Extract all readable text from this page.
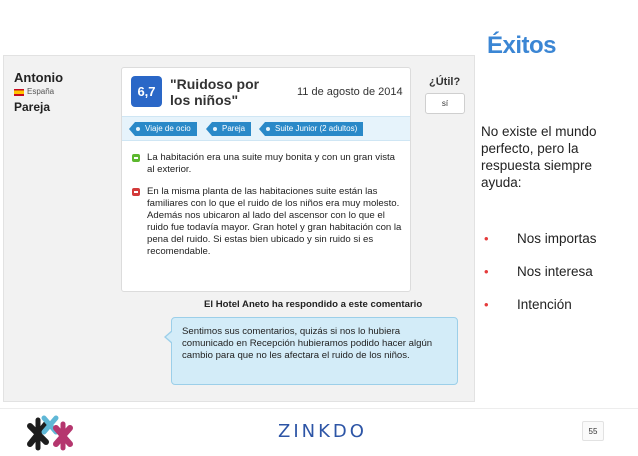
Antonio
España
Pareja
6,7	"Ruidoso por los niños"	11 de agosto de 2014
Viaje de ocio	Pareja	Suite Junior (2 adultos)
La habitación era una suite muy bonita y con un gran vista al exterior.
En la misma planta de las habitaciones suite están las familiares con lo que el ruido de los niños era muy molesto. Además nos ubicaron al lado del ascensor con lo que el ruido fue todavía mayor. Gran hotel y gran habitación con la pena del ruido. Si estas bien ubicado y sin ruido si es recomendable.
¿Útil?
sí
El Hotel Aneto ha respondido a este comentario
Sentimos sus comentarios, quizás si nos lo hubiera comunicado en Recepción hubieramos podido hacer algún cambio para que no les afectara el ruido de los niños.
Éxitos
No existe el mundo perfecto, pero la respuesta siempre ayuda:
• Nos importas
• Nos interesa
• Intención
ZINKDO	55
